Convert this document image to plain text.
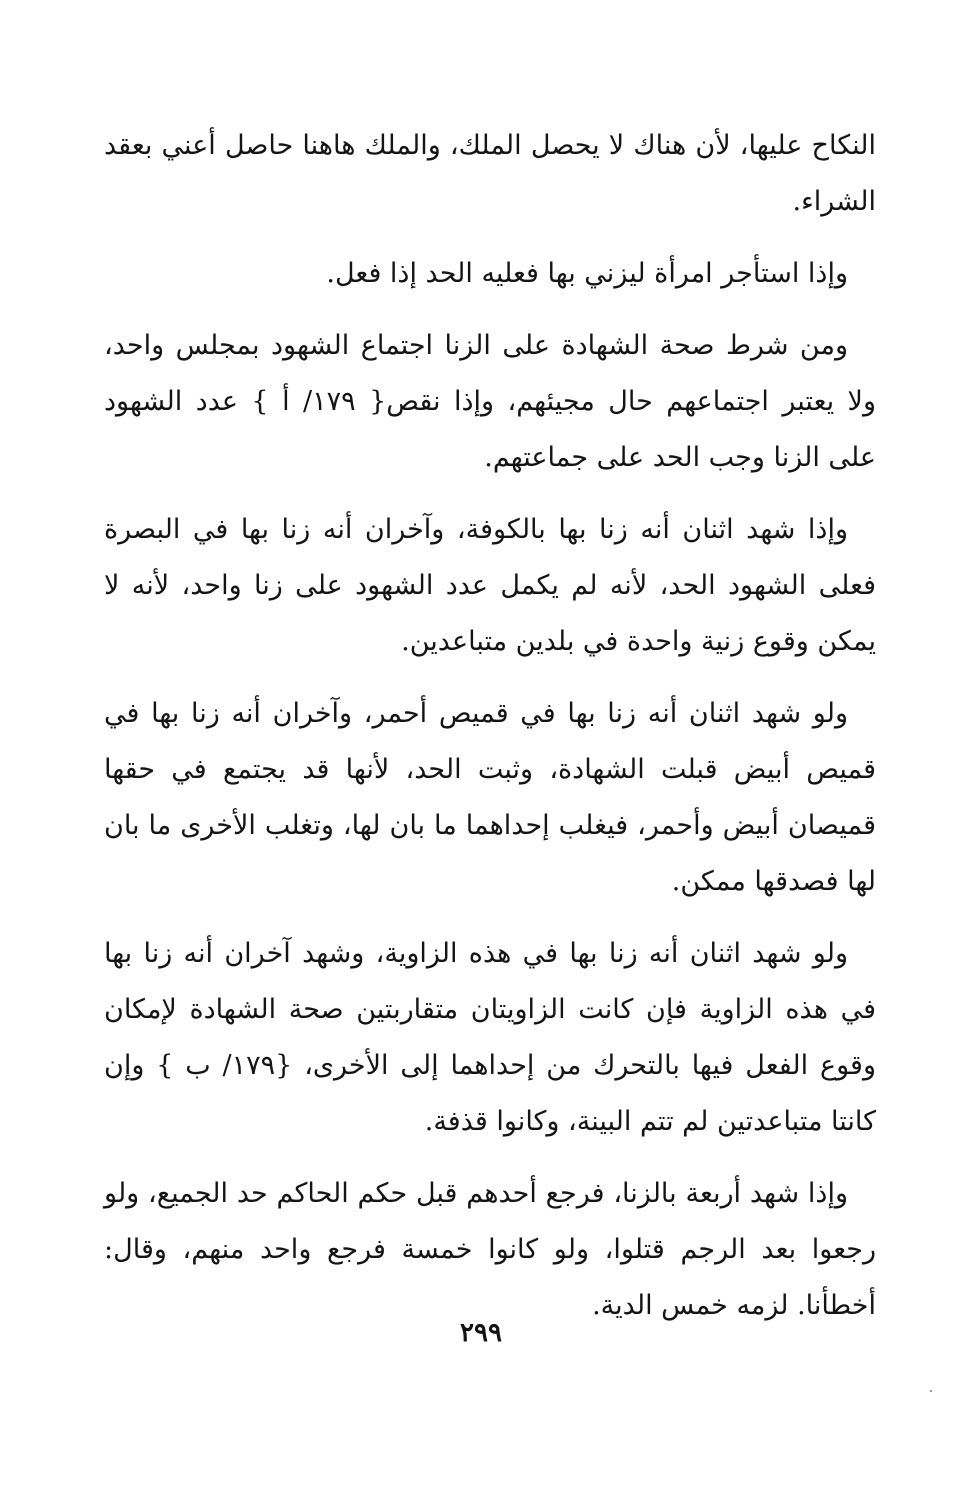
النكاح عليها، لأن هناك لا يحصل الملك، والملك هاهنا حاصل أعني بعقد الشراء.

وإذا استأجر امرأة ليزني بها فعليه الحد إذا فعل.

ومن شرط صحة الشهادة على الزنا اجتماع الشهود بمجلس واحد، ولا يعتبر اجتماعهم حال مجيئهم، وإذا نقص{ ١٧٩/ أ } عدد الشهود على الزنا وجب الحد على جماعتهم.

وإذا شهد اثنان أنه زنا بها بالكوفة، وآخران أنه زنا بها في البصرة فعلى الشهود الحد، لأنه لم يكمل عدد الشهود على زنا واحد، لأنه لا يمكن وقوع زنية واحدة في بلدين متباعدين.

ولو شهد اثنان أنه زنا بها في قميص أحمر، وآخران أنه زنا بها في قميص أبيض قبلت الشهادة، وثبت الحد، لأنها قد يجتمع في حقها قميصان أبيض وأحمر، فيغلب إحداهما ما بان لها، وتغلب الأخرى ما بان لها فصدقها ممكن.

ولو شهد اثنان أنه زنا بها في هذه الزاوية، وشهد آخران أنه زنا بها في هذه الزاوية فإن كانت الزاويتان متقاربتين صحة الشهادة لإمكان وقوع الفعل فيها بالتحرك من إحداهما إلى الأخرى، {١٧٩/ ب } وإن كانتا متباعدتين لم تتم البينة، وكانوا قذفة.

وإذا شهد أربعة بالزنا، فرجع أحدهم قبل حكم الحاكم حد الجميع، ولو رجعوا بعد الرجم قتلوا، ولو كانوا خمسة فرجع واحد منهم، وقال: أخطأنا. لزمه خمس الدية.

٢٩٩
